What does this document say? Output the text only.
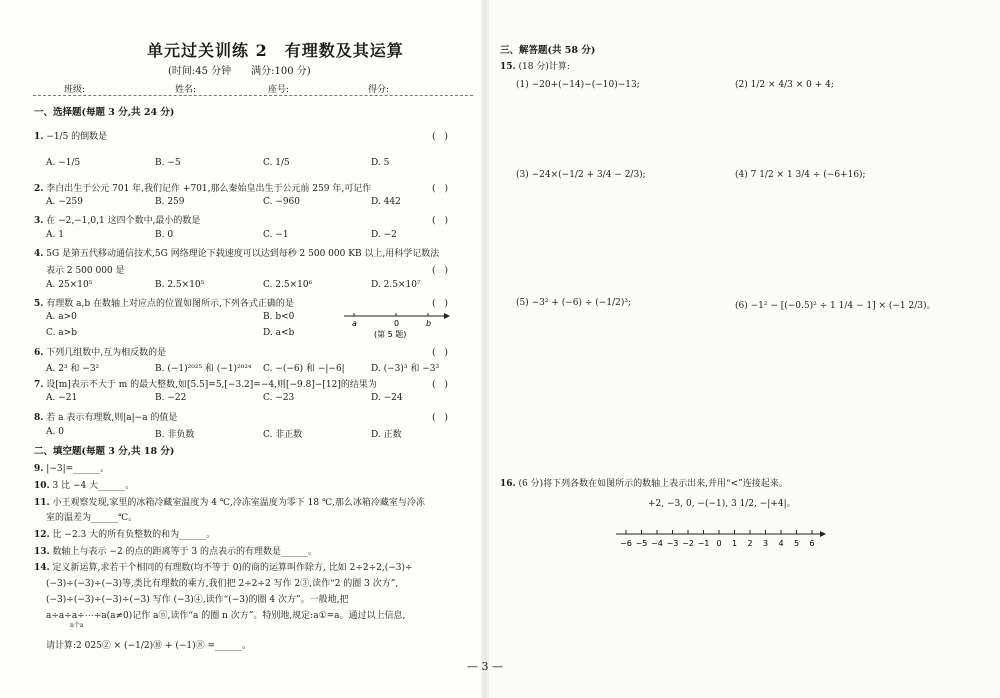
单元过关训练 2　有理数及其运算
(时间:45 分钟　　满分:100 分)
班级:	姓名:	座号:	得分:
一、选择题(每题 3 分,共 24 分)
1. −1/5 的倒数是	(　)
A. −1/5	B. −5	C. 1/5	D. 5
2. 李白出生于公元 701 年,我们记作 +701,那么秦始皇出生于公元前 259 年,可记作	(　)
A. −259	B. 259	C. −960	D. 442
3. 在 −2,−1,0,1 这四个数中,最小的数是	(　)
A. 1	B. 0	C. −1	D. −2
4. 5G 是第五代移动通信技术,5G 网络理论下载速度可以达到每秒 2 500 000 KB 以上,用科学记数法
表示 2 500 000 是	(　)
A. 25×10⁵	B. 2.5×10⁵	C. 2.5×10⁶	D. 2.5×10⁷
5. 有理数 a,b 在数轴上对应点的位置如图所示,下列各式正确的是	(　)
A. a>0	B. b<0
C. a>b	D. a<b
a	0	b
(第 5 题)
6. 下列几组数中,互为相反数的是	(　)
A. 2³ 和 −3²	B. (−1)²⁰²⁵ 和 (−1)²⁰²⁴ C. −(−6) 和 −|−6|	D. (−3)³ 和 −3³
7. 设[m]表示不大于 m 的最大整数,如[5.5]=5,[−3.2]=−4,则[−9.8]−[12]的结果为	(　)
A. −21	B. −22	C. −23	D. −24
8. 若 a 表示有理数,则|a|−a 的值是	(　)
A. 0	B. 非负数	C. 非正数	D. 正数
二、填空题(每题 3 分,共 18 分)
9. |−3|=______。
10. 3 比 −4 大______。
11. 小王观察发现,家里的冰箱冷藏室温度为 4 ℃,冷冻室温度为零下 18 ℃,那么冰箱冷藏室与冷冻
室的温差为______℃。
12. 比 −2.3 大的所有负整数的和为______。
13. 数轴上与表示 −2 的点的距离等于 3 的点表示的有理数是______。
14. 定义新运算,求若干个相同的有理数(均不等于 0)的商的运算叫作除方, 比如 2÷2÷2,(−3)÷
(−3)÷(−3)÷(−3)等,类比有理数的乘方,我们把 2÷2÷2 写作 2③,读作“2 的圈 3 次方”,
(−3)÷(−3)÷(−3)÷(−3) 写作 (−3)④,读作“(−3)的圈 4 次方”。一般地,把
a÷a÷a÷⋯÷a(a≠0)记作 aⓝ,读作“a 的圈 n 次方”。特别地,规定:a①=a。通过以上信息,
n个a
请计算:2 025② × (−1/2)⑩ + (−1)⑧ =______。
— 3 —
三、解答题(共 58 分)
15. (18 分)计算:
(1) −20+(−14)−(−10)−13;	(2) 1/2 × 4/3 × 0 + 4;
(3) −24×(−1/2 + 3/4 − 2/3);	(4) 7 1/2 × 1 3/4 ÷ (−6+16);
(5) −3² + (−6) ÷ (−1/2)³;	(6) −1² − [(−0.5)² ÷ 1 1/4 − 1] × (−1 2/3)。
16. (6 分)将下列各数在如图所示的数轴上表示出来,并用“<”连接起来。
+2, −3, 0, −(−1), 3 1/2, −|+4|。
−6 −5 −4 −3 −2 −1 0 1 2 3 4 5 6
